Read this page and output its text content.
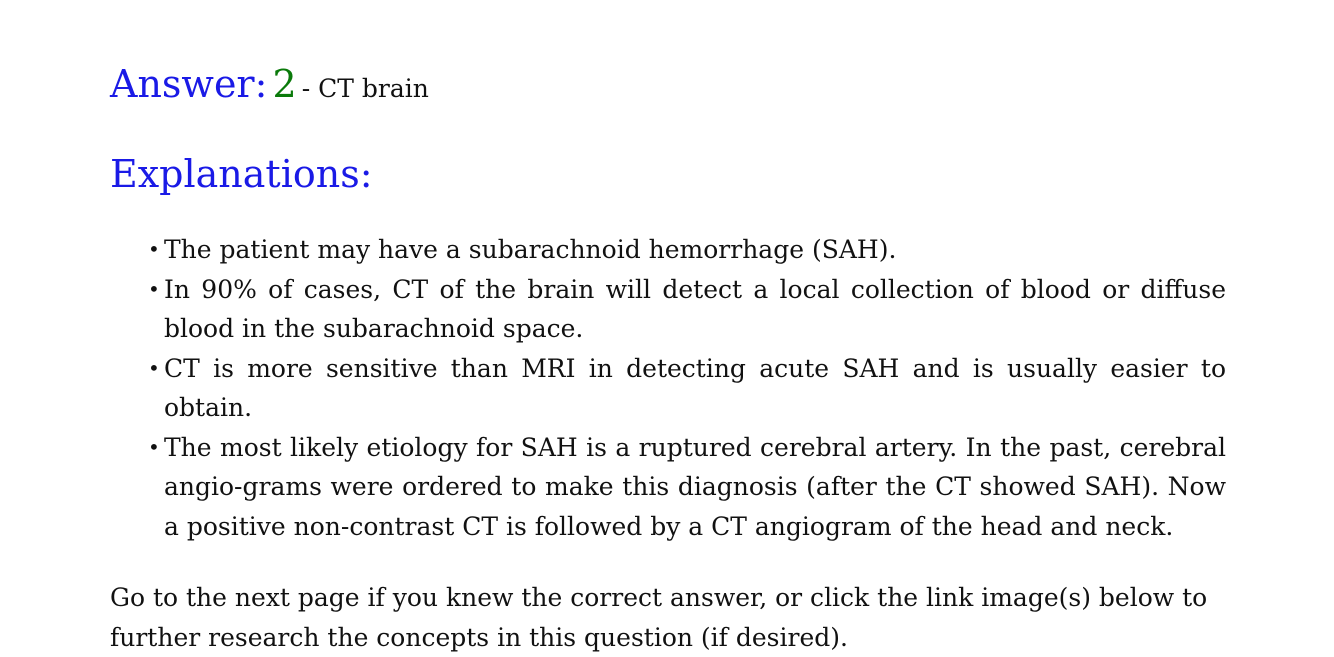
Answer: 2 - CT brain
Explanations:
• The patient may have a subarachnoid hemorrhage (SAH).
• In 90% of cases, CT of the brain will detect a local collection of blood or diffuse blood in the subarachnoid space.
• CT is more sensitive than MRI in detecting acute SAH and is usually easier to obtain.
• The most likely etiology for SAH is a ruptured cerebral artery. In the past, cerebral angio-grams were ordered to make this diagnosis (after the CT showed SAH). Now a positive non-contrast CT is followed by a CT angiogram of the head and neck.

Go to the next page if you knew the correct answer, or click the link image(s) below to further research the concepts in this question (if desired).
